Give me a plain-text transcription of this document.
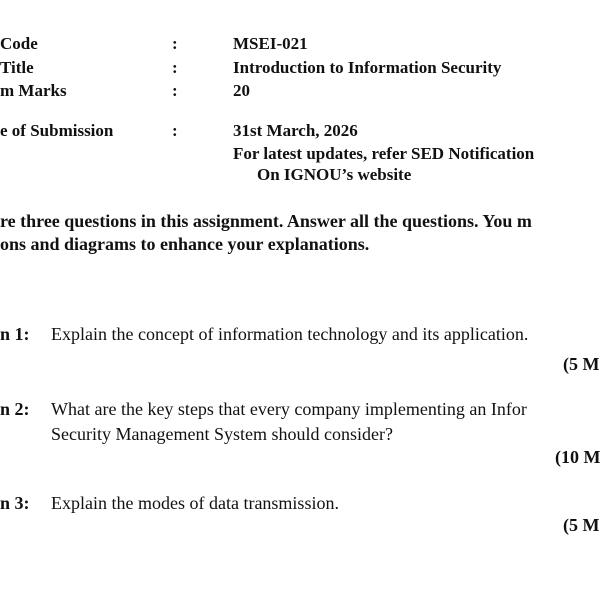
Code	:	MSEI-021
Title	:	Introduction to Information Security
m Marks	:	20
e of Submission	:	31st March, 2026
For latest updates, refer SED Notification
On IGNOU’s website
re three questions in this assignment. Answer all the questions. You m
ons and diagrams to enhance your explanations.
n 1: Explain the concept of information technology and its application.
(5 M
n 2: What are the key steps that every company implementing an Infor
Security Management System should consider?
(10 M
n 3: Explain the modes of data transmission.
(5 M
